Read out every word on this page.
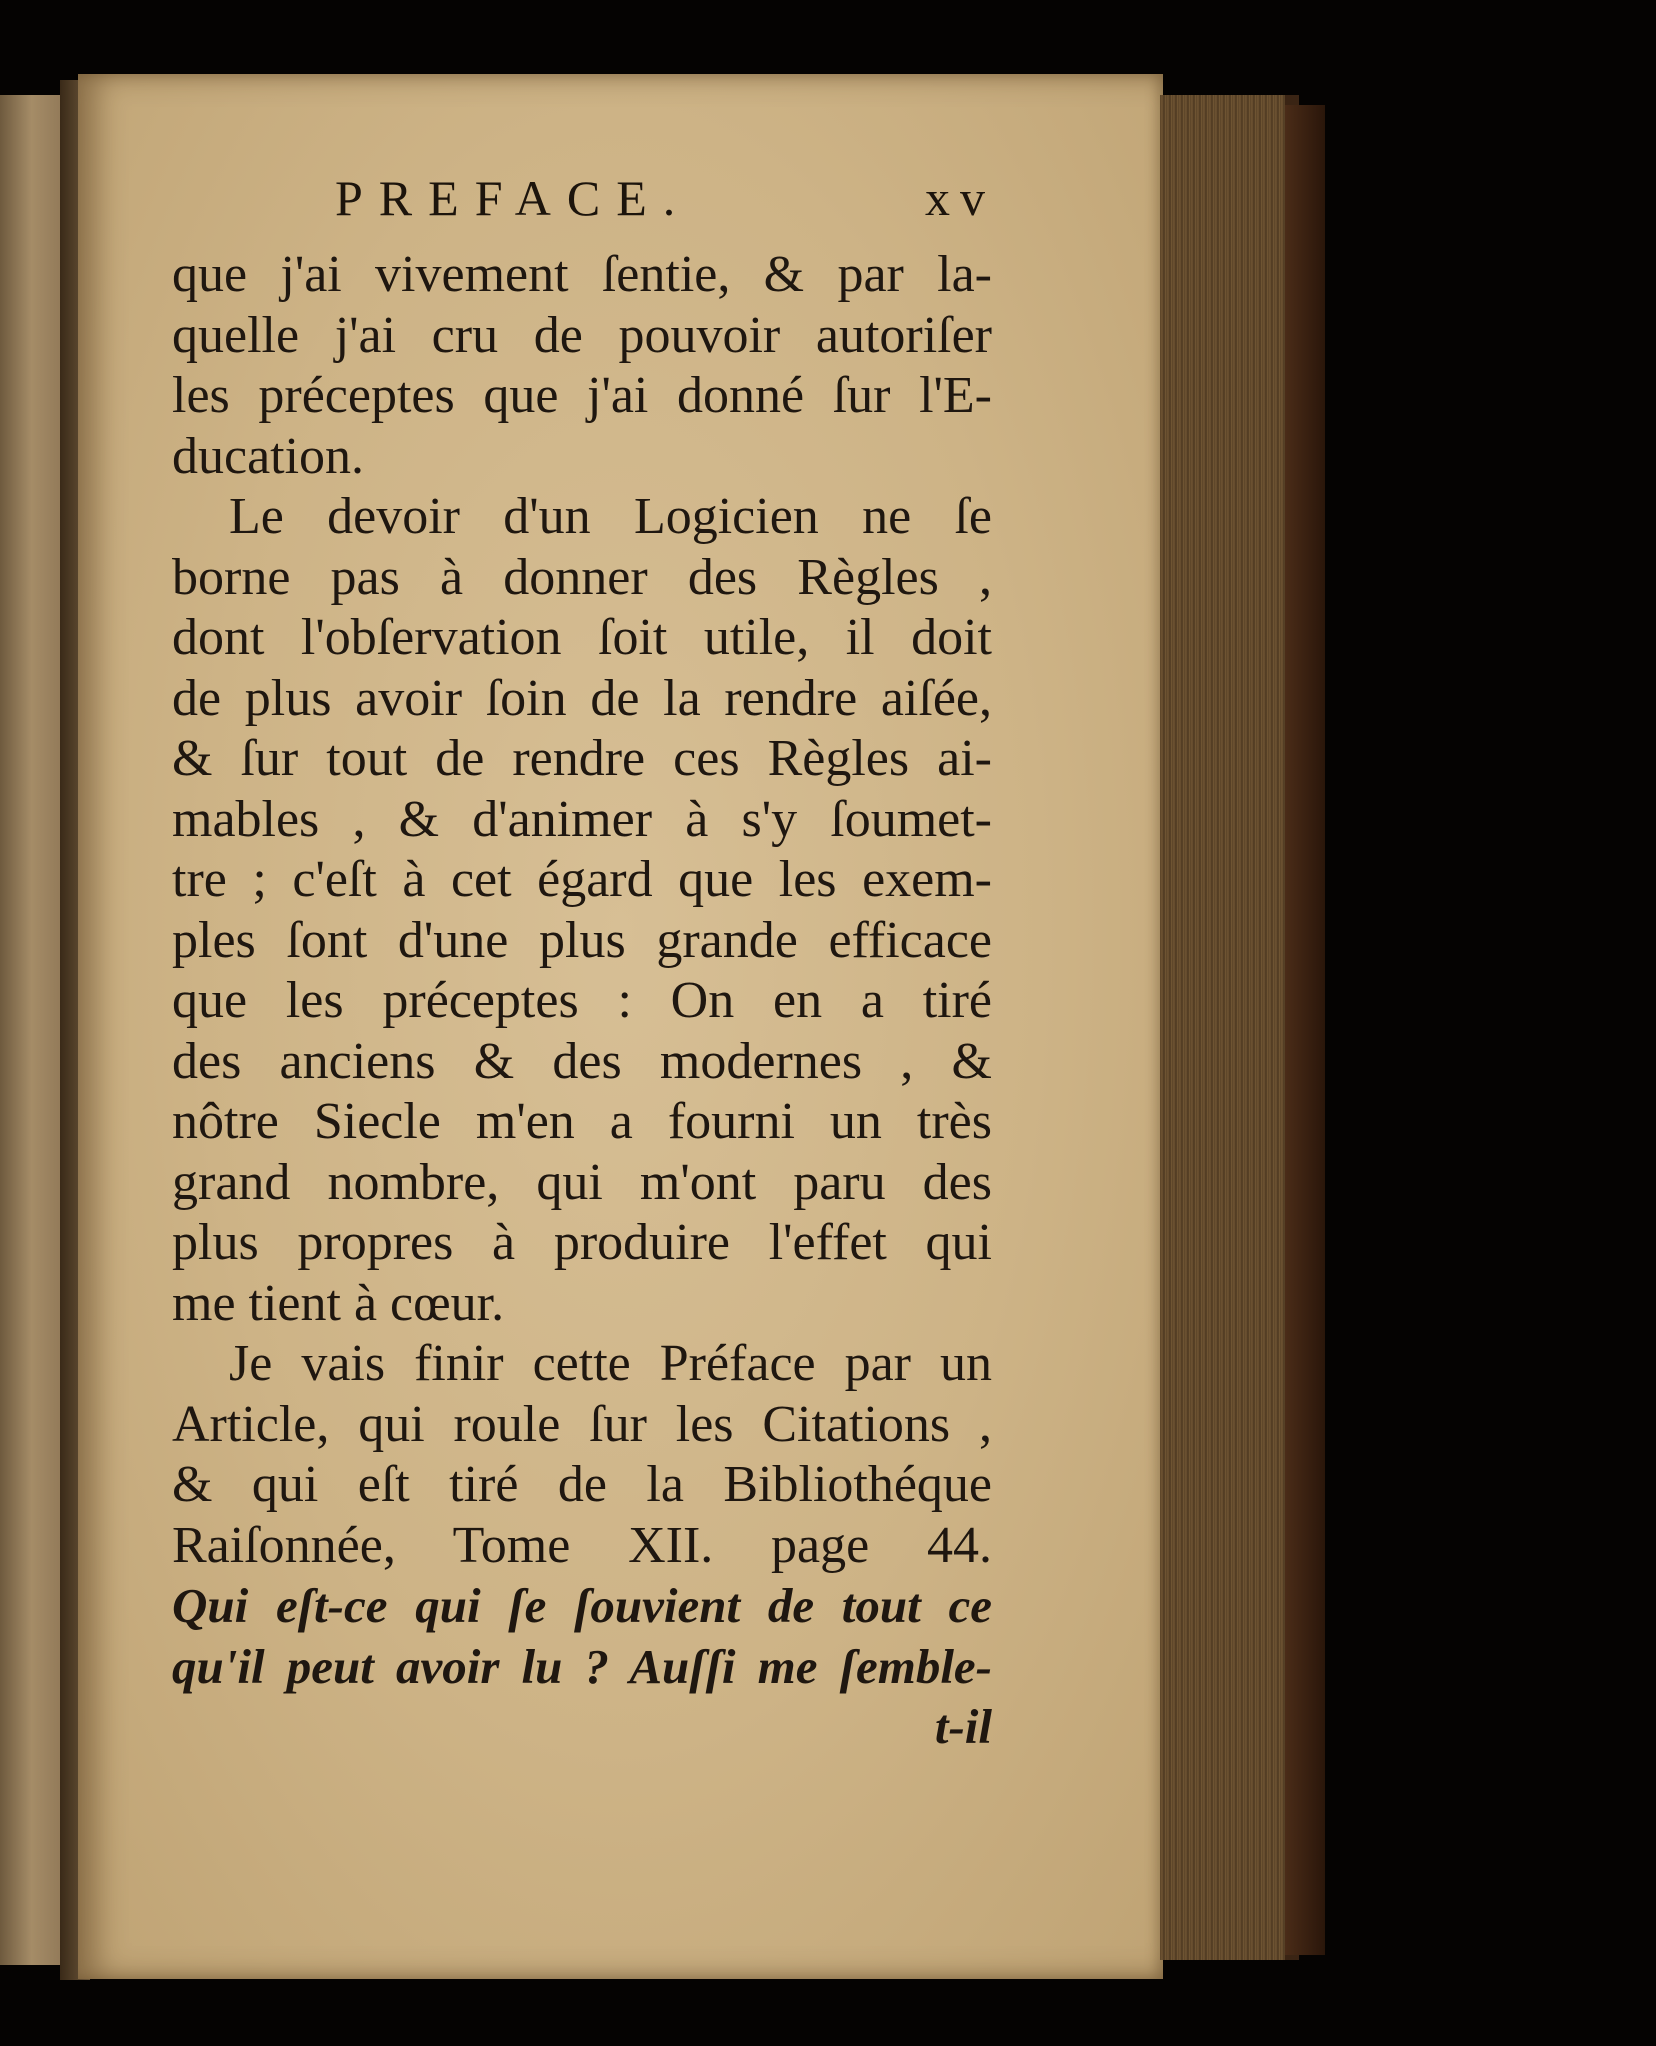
PREFACE.	xv
que j'ai vivement ſentie, & par la-
quelle j'ai cru de pouvoir autoriſer
les préceptes que j'ai donné ſur l'E-
ducation.
Le devoir d'un Logicien ne ſe
borne pas à donner des Règles ,
dont l'obſervation ſoit utile, il doit
de plus avoir ſoin de la rendre aiſée,
& ſur tout de rendre ces Règles ai-
mables , & d'animer à s'y ſoumet-
tre ; c'eſt à cet égard que les exem-
ples ſont d'une plus grande efficace
que les préceptes : On en a tiré
des anciens & des modernes , &
nôtre Siecle m'en a fourni un très
grand nombre, qui m'ont paru des
plus propres à produire l'effet qui
me tient à cœur.
Je vais finir cette Préface par un
Article, qui roule ſur les Citations ,
& qui eſt tiré de la Bibliothéque
Raiſonnée, Tome XII. page 44.
Qui eſt-ce qui ſe ſouvient de tout ce
qu'il peut avoir lu ? Auſſi me ſemble-
t-il
